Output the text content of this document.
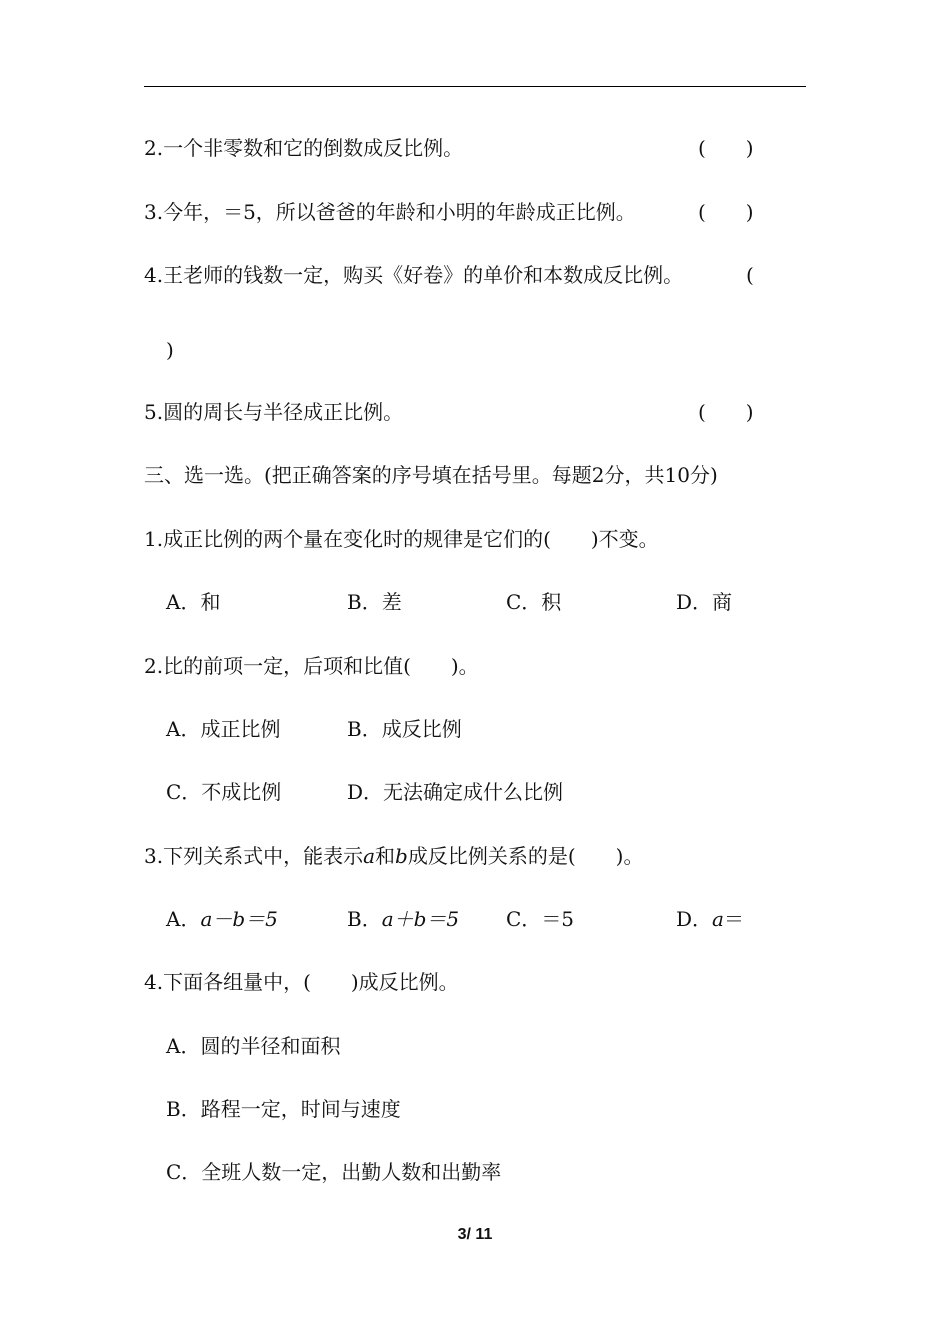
2.一个非零数和它的倒数成反比例。	(　　)
3.今年，＝5，所以爸爸的年龄和小明的年龄成正比例。	(　　)
4.王老师的钱数一定，购买《好卷》的单价和本数成反比例。	(
)
5.圆的周长与半径成正比例。	(　　)
三、选一选。(把正确答案的序号填在括号里。每题2分，共10分)
1.成正比例的两个量在变化时的规律是它们的(　　)不变。
A．和	B．差	C．积	D．商
2.比的前项一定，后项和比值(　　)。
A．成正比例	B．成反比例
C．不成比例	D．无法确定成什么比例
3.下列关系式中，能表示a和b成反比例关系的是(　　)。
A．a－b＝5	B．a＋b＝5 C．＝5	D．a＝
4.下面各组量中，(　　)成反比例。
A．圆的半径和面积
B．路程一定，时间与速度
C．全班人数一定，出勤人数和出勤率
3/ 11
